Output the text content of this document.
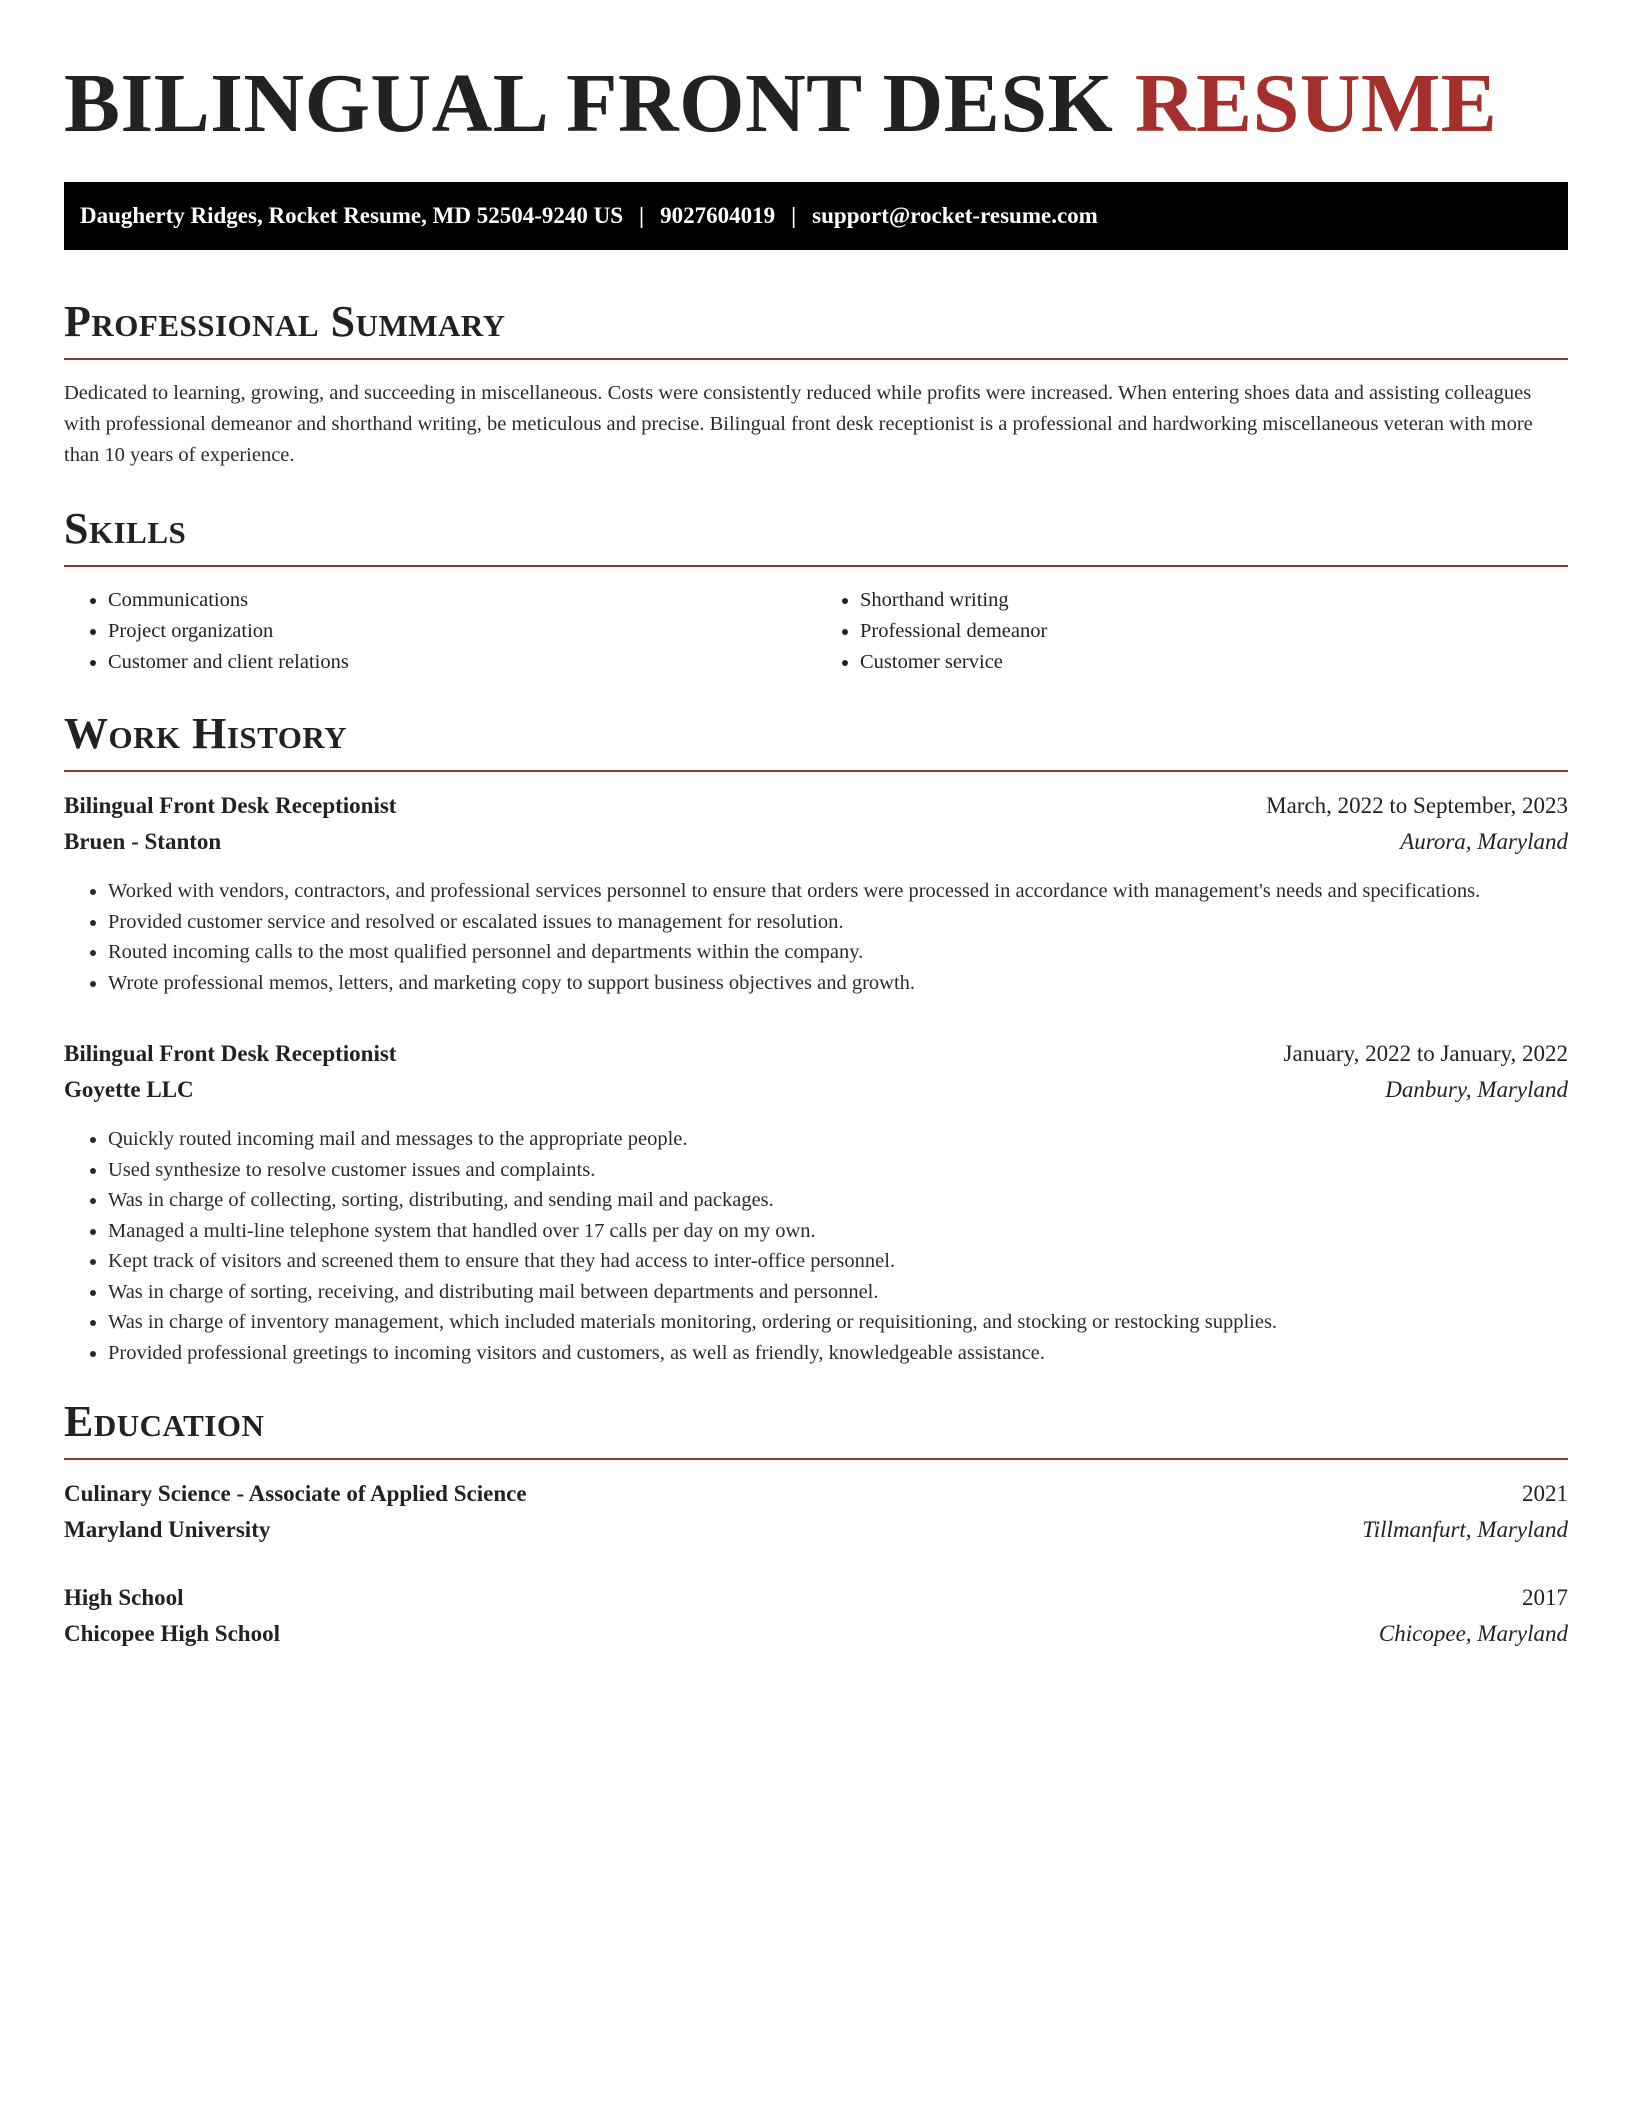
BILINGUAL FRONT DESK RESUME
Daugherty Ridges, Rocket Resume, MD 52504-9240 US | 9027604019 | support@rocket-resume.com
Professional Summary

Dedicated to learning, growing, and succeeding in miscellaneous. Costs were consistently reduced while profits were increased. When entering shoes data and assisting colleagues with professional demeanor and shorthand writing, be meticulous and precise. Bilingual front desk receptionist is a professional and hardworking miscellaneous veteran with more than 10 years of experience.

Skills
• Communications
• Project organization
• Customer and client relations
• Shorthand writing
• Professional demeanor
• Customer service
Work History
Bilingual Front Desk Receptionist	March, 2022 to September, 2023
Bruen - Stanton	Aurora, Maryland
• Worked with vendors, contractors, and professional services personnel to ensure that orders were processed in accordance with management's needs and specifications.
• Provided customer service and resolved or escalated issues to management for resolution.
• Routed incoming calls to the most qualified personnel and departments within the company.
• Wrote professional memos, letters, and marketing copy to support business objectives and growth.
Bilingual Front Desk Receptionist	January, 2022 to January, 2022
Goyette LLC	Danbury, Maryland
• Quickly routed incoming mail and messages to the appropriate people.
• Used synthesize to resolve customer issues and complaints.
• Was in charge of collecting, sorting, distributing, and sending mail and packages.
• Managed a multi-line telephone system that handled over 17 calls per day on my own.
• Kept track of visitors and screened them to ensure that they had access to inter-office personnel.
• Was in charge of sorting, receiving, and distributing mail between departments and personnel.
• Was in charge of inventory management, which included materials monitoring, ordering or requisitioning, and stocking or restocking supplies.
• Provided professional greetings to incoming visitors and customers, as well as friendly, knowledgeable assistance.
Education
Culinary Science - Associate of Applied Science	2021
Maryland University	Tillmanfurt, Maryland
High School	2017
Chicopee High School	Chicopee, Maryland
